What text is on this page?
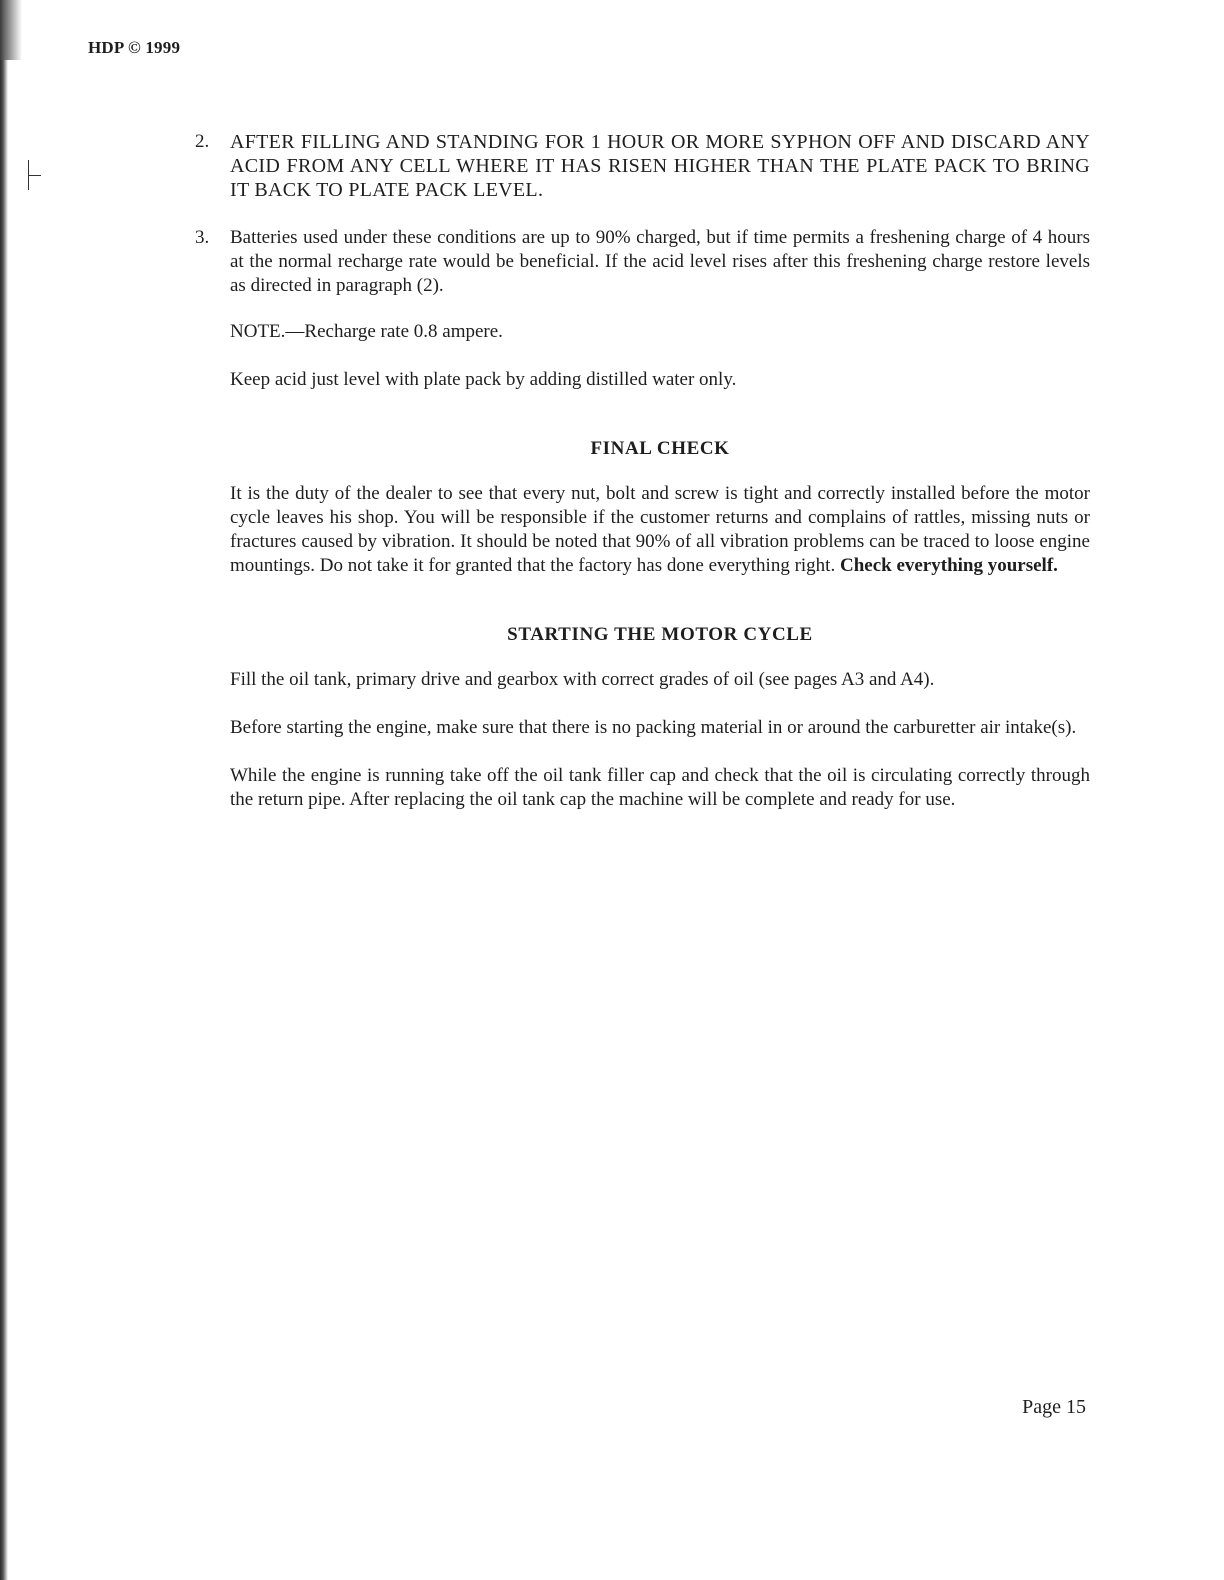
HDP © 1999
2.	AFTER FILLING AND STANDING FOR 1 HOUR OR MORE SYPHON OFF AND DISCARD ANY ACID FROM ANY CELL WHERE IT HAS RISEN HIGHER THAN THE PLATE PACK TO BRING IT BACK TO PLATE PACK LEVEL.
3.	Batteries used under these conditions are up to 90% charged, but if time permits a freshening charge of 4 hours at the normal recharge rate would be beneficial. If the acid level rises after this freshening charge restore levels as directed in paragraph (2).
NOTE.—Recharge rate 0.8 ampere.
Keep acid just level with plate pack by adding distilled water only.
FINAL CHECK
It is the duty of the dealer to see that every nut, bolt and screw is tight and correctly installed before the motor cycle leaves his shop. You will be responsible if the customer returns and complains of rattles, missing nuts or fractures caused by vibration. It should be noted that 90% of all vibration problems can be traced to loose engine mountings. Do not take it for granted that the factory has done everything right. Check everything yourself.
STARTING THE MOTOR CYCLE
Fill the oil tank, primary drive and gearbox with correct grades of oil (see pages A3 and A4).
Before starting the engine, make sure that there is no packing material in or around the carburetter air intake(s).
While the engine is running take off the oil tank filler cap and check that the oil is circulating correctly through the return pipe. After replacing the oil tank cap the machine will be complete and ready for use.
Page 15
